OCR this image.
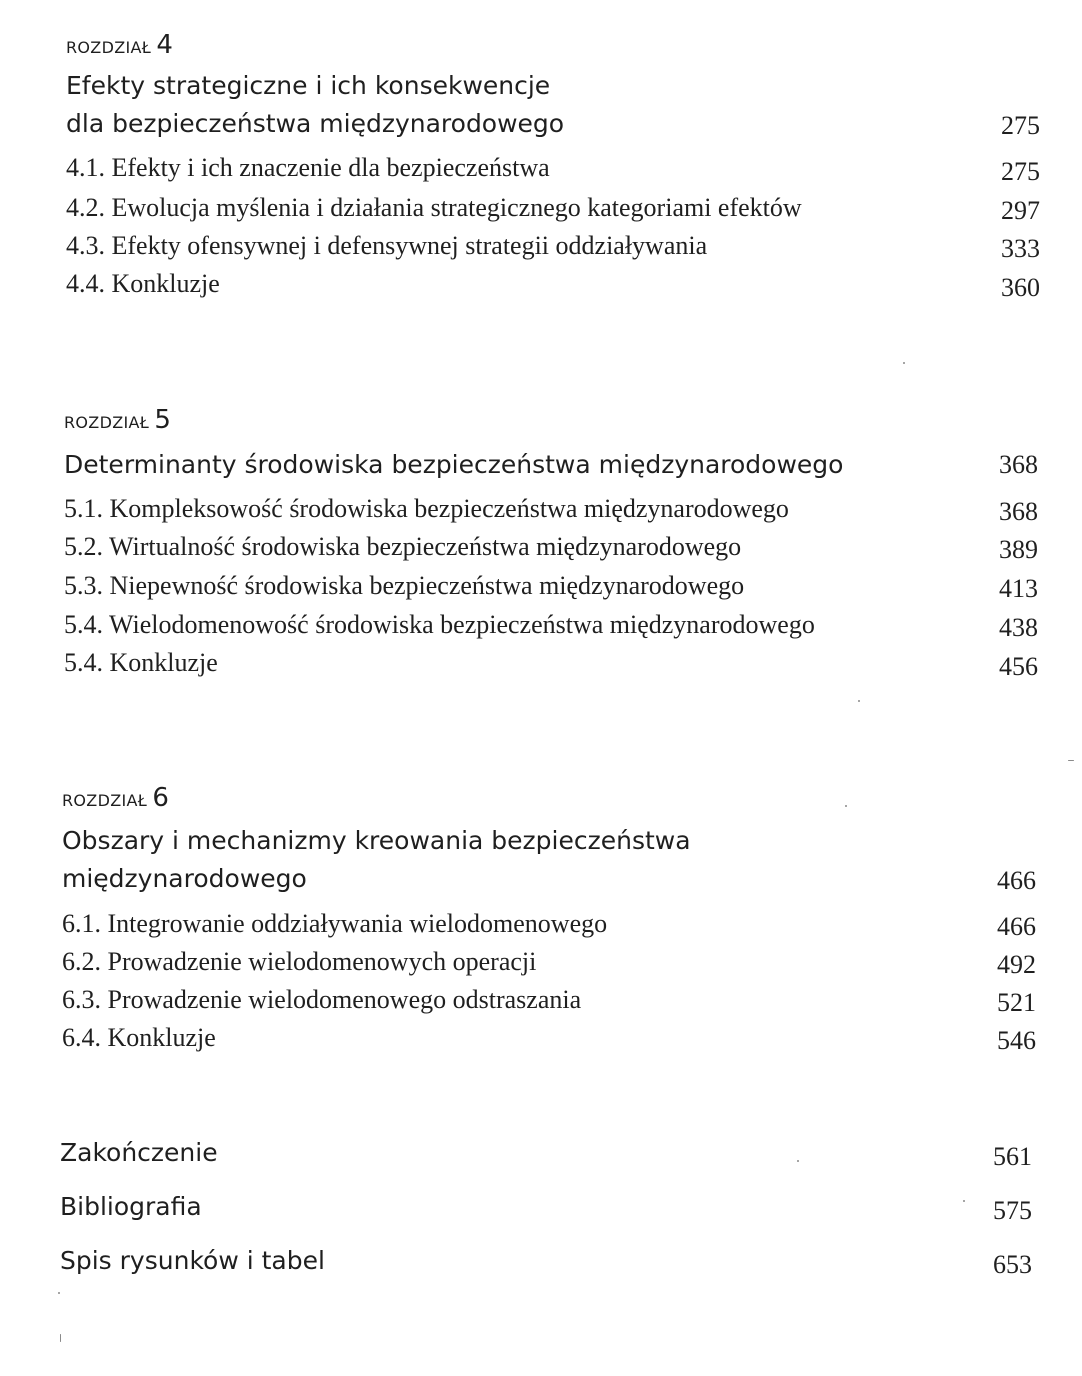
ROZDZIAŁ 4
Efekty strategiczne i ich konsekwencje
dla bezpieczeństwa międzynarodowego	275
4.1. Efekty i ich znaczenie dla bezpieczeństwa	275
4.2. Ewolucja myślenia i działania strategicznego kategoriami efektów	297
4.3. Efekty ofensywnej i defensywnej strategii oddziaływania	333
4.4. Konkluzje	360
ROZDZIAŁ 5
Determinanty środowiska bezpieczeństwa międzynarodowego	368
5.1. Kompleksowość środowiska bezpieczeństwa międzynarodowego	368
5.2. Wirtualność środowiska bezpieczeństwa międzynarodowego	389
5.3. Niepewność środowiska bezpieczeństwa międzynarodowego	413
5.4. Wielodomenowość środowiska bezpieczeństwa międzynarodowego	438
5.4. Konkluzje	456
ROZDZIAŁ 6
Obszary i mechanizmy kreowania bezpieczeństwa
międzynarodowego	466
6.1. Integrowanie oddziaływania wielodomenowego	466
6.2. Prowadzenie wielodomenowych operacji	492
6.3. Prowadzenie wielodomenowego odstraszania	521
6.4. Konkluzje	546
Zakończenie	561
Bibliografia	575
Spis rysunków i tabel	653
